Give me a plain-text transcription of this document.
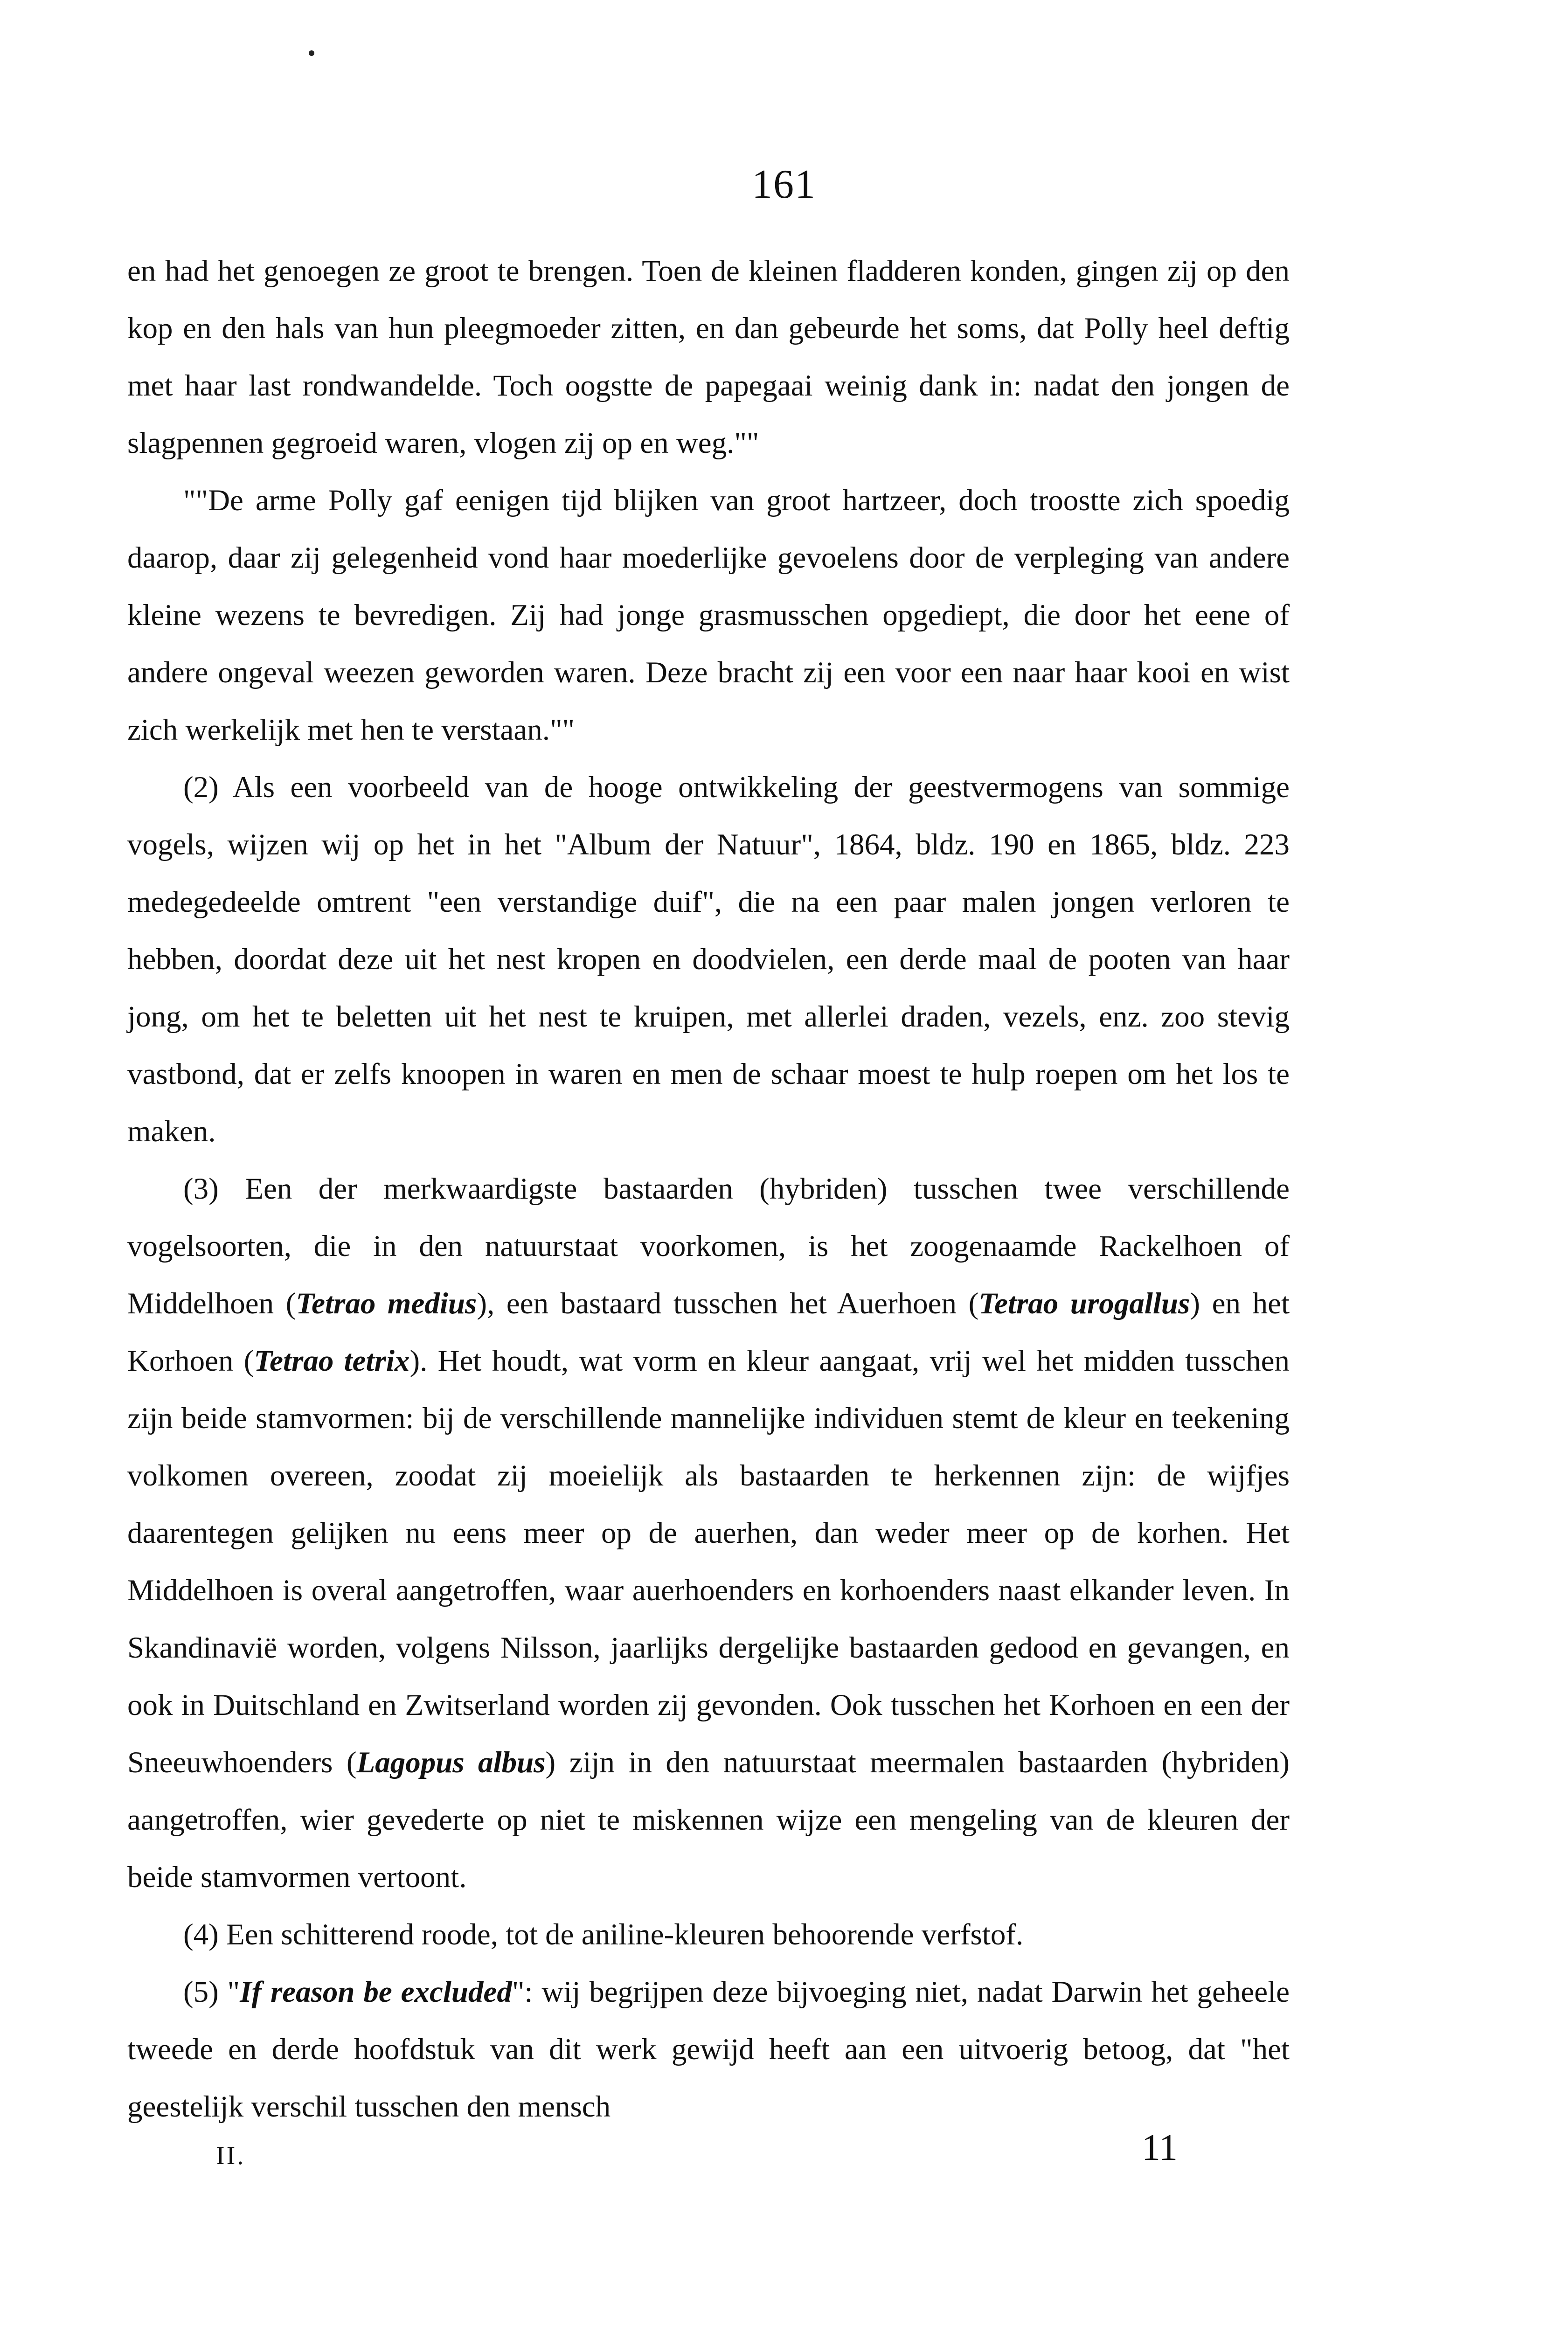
161

en had het genoegen ze groot te brengen. Toen de kleinen fladderen konden, gingen zij op den kop en den hals van hun pleegmoeder zitten, en dan gebeurde het soms, dat Polly heel deftig met haar last rondwandelde. Toch oogstte de papegaai weinig dank in: nadat den jongen de slagpennen gegroeid waren, vlogen zij op en weg.""

""De arme Polly gaf eenigen tijd blijken van groot hartzeer, doch troostte zich spoedig daarop, daar zij gelegenheid vond haar moederlijke gevoelens door de verpleging van andere kleine wezens te bevredigen. Zij had jonge grasmusschen opgediept, die door het eene of andere ongeval weezen geworden waren. Deze bracht zij een voor een naar haar kooi en wist zich werkelijk met hen te verstaan.""

(2) Als een voorbeeld van de hooge ontwikkeling der geestvermogens van sommige vogels, wijzen wij op het in het "Album der Natuur", 1864, bldz. 190 en 1865, bldz. 223 medegedeelde omtrent "een verstandige duif", die na een paar malen jongen verloren te hebben, doordat deze uit het nest kropen en doodvielen, een derde maal de pooten van haar jong, om het te beletten uit het nest te kruipen, met allerlei draden, vezels, enz. zoo stevig vastbond, dat er zelfs knoopen in waren en men de schaar moest te hulp roepen om het los te maken.

(3) Een der merkwaardigste bastaarden (hybriden) tusschen twee verschillende vogelsoorten, die in den natuurstaat voorkomen, is het zoogenaamde Rackelhoen of Middelhoen (Tetrao medius), een bastaard tusschen het Auerhoen (Tetrao urogallus) en het Korhoen (Tetrao tetrix). Het houdt, wat vorm en kleur aangaat, vrij wel het midden tusschen zijn beide stamvormen: bij de verschillende mannelijke individuen stemt de kleur en teekening volkomen overeen, zoodat zij moeielijk als bastaarden te herkennen zijn: de wijfjes daarentegen gelijken nu eens meer op de auerhen, dan weder meer op de korhen. Het Middelhoen is overal aangetroffen, waar auerhoenders en korhoenders naast elkander leven. In Skandinavië worden, volgens Nilsson, jaarlijks dergelijke bastaarden gedood en gevangen, en ook in Duitschland en Zwitserland worden zij gevonden. Ook tusschen het Korhoen en een der Sneeuwhoenders (Lagopus albus) zijn in den natuurstaat meermalen bastaarden (hybriden) aangetroffen, wier gevederte op niet te miskennen wijze een mengeling van de kleuren der beide stamvormen vertoont.

(4) Een schitterend roode, tot de aniline-kleuren behoorende verfstof.

(5) "If reason be excluded": wij begrijpen deze bijvoeging niet, nadat Darwin het geheele tweede en derde hoofdstuk van dit werk gewijd heeft aan een uitvoerig betoog, dat "het geestelijk verschil tusschen den mensch

II.	11
